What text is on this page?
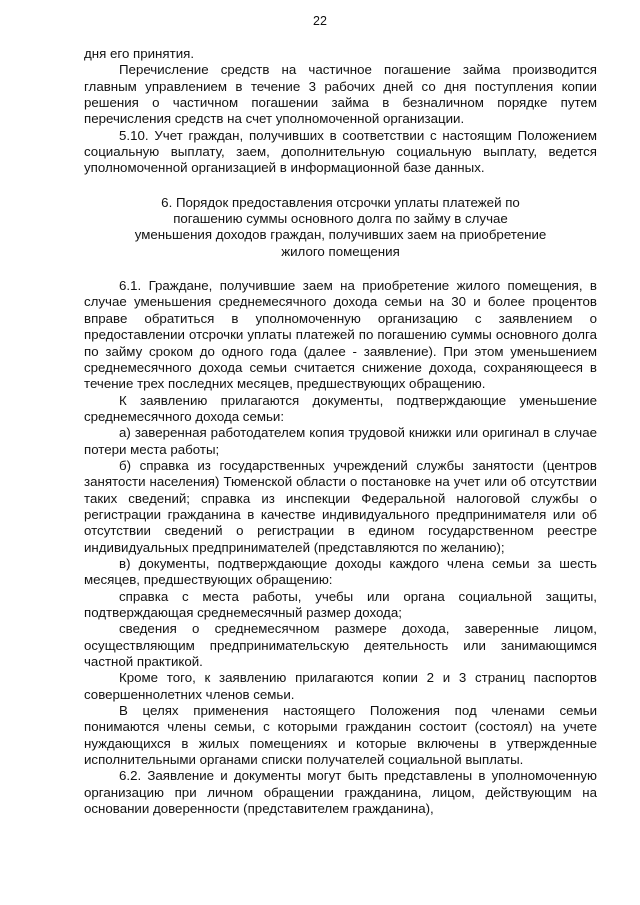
22

дня его принятия.

Перечисление средств на частичное погашение займа производится главным управлением в течение 3 рабочих дней со дня поступления копии решения о частичном погашении займа в безналичном порядке путем перечисления средств на счет уполномоченной организации.

5.10. Учет граждан, получивших в соответствии с настоящим Положением социальную выплату, заем, дополнительную социальную выплату, ведется уполномоченной организацией в информационной базе данных.

6. Порядок предоставления отсрочки уплаты платежей по погашению суммы основного долга по займу в случае уменьшения доходов граждан, получивших заем на приобретение жилого помещения

6.1. Граждане, получившие заем на приобретение жилого помещения, в случае уменьшения среднемесячного дохода семьи на 30 и более процентов вправе обратиться в уполномоченную организацию с заявлением о предоставлении отсрочки уплаты платежей по погашению суммы основного долга по займу сроком до одного года (далее - заявление). При этом уменьшением среднемесячного дохода семьи считается снижение дохода, сохраняющееся в течение трех последних месяцев, предшествующих обращению.

К заявлению прилагаются документы, подтверждающие уменьшение среднемесячного дохода семьи:

а) заверенная работодателем копия трудовой книжки или оригинал в случае потери места работы;

б) справка из государственных учреждений службы занятости (центров занятости населения) Тюменской области о постановке на учет или об отсутствии таких сведений; справка из инспекции Федеральной налоговой службы о регистрации гражданина в качестве индивидуального предпринимателя или об отсутствии сведений о регистрации в едином государственном реестре индивидуальных предпринимателей (представляются по желанию);

в) документы, подтверждающие доходы каждого члена семьи за шесть месяцев, предшествующих обращению:

справка с места работы, учебы или органа социальной защиты, подтверждающая среднемесячный размер дохода;

сведения о среднемесячном размере дохода, заверенные лицом, осуществляющим предпринимательскую деятельность или занимающимся частной практикой.

Кроме того, к заявлению прилагаются копии 2 и 3 страниц паспортов совершеннолетних членов семьи.

В целях применения настоящего Положения под членами семьи понимаются члены семьи, с которыми гражданин состоит (состоял) на учете нуждающихся в жилых помещениях и которые включены в утвержденные исполнительными органами списки получателей социальной выплаты.

6.2. Заявление и документы могут быть представлены в уполномоченную организацию при личном обращении гражданина, лицом, действующим на основании доверенности (представителем гражданина),
